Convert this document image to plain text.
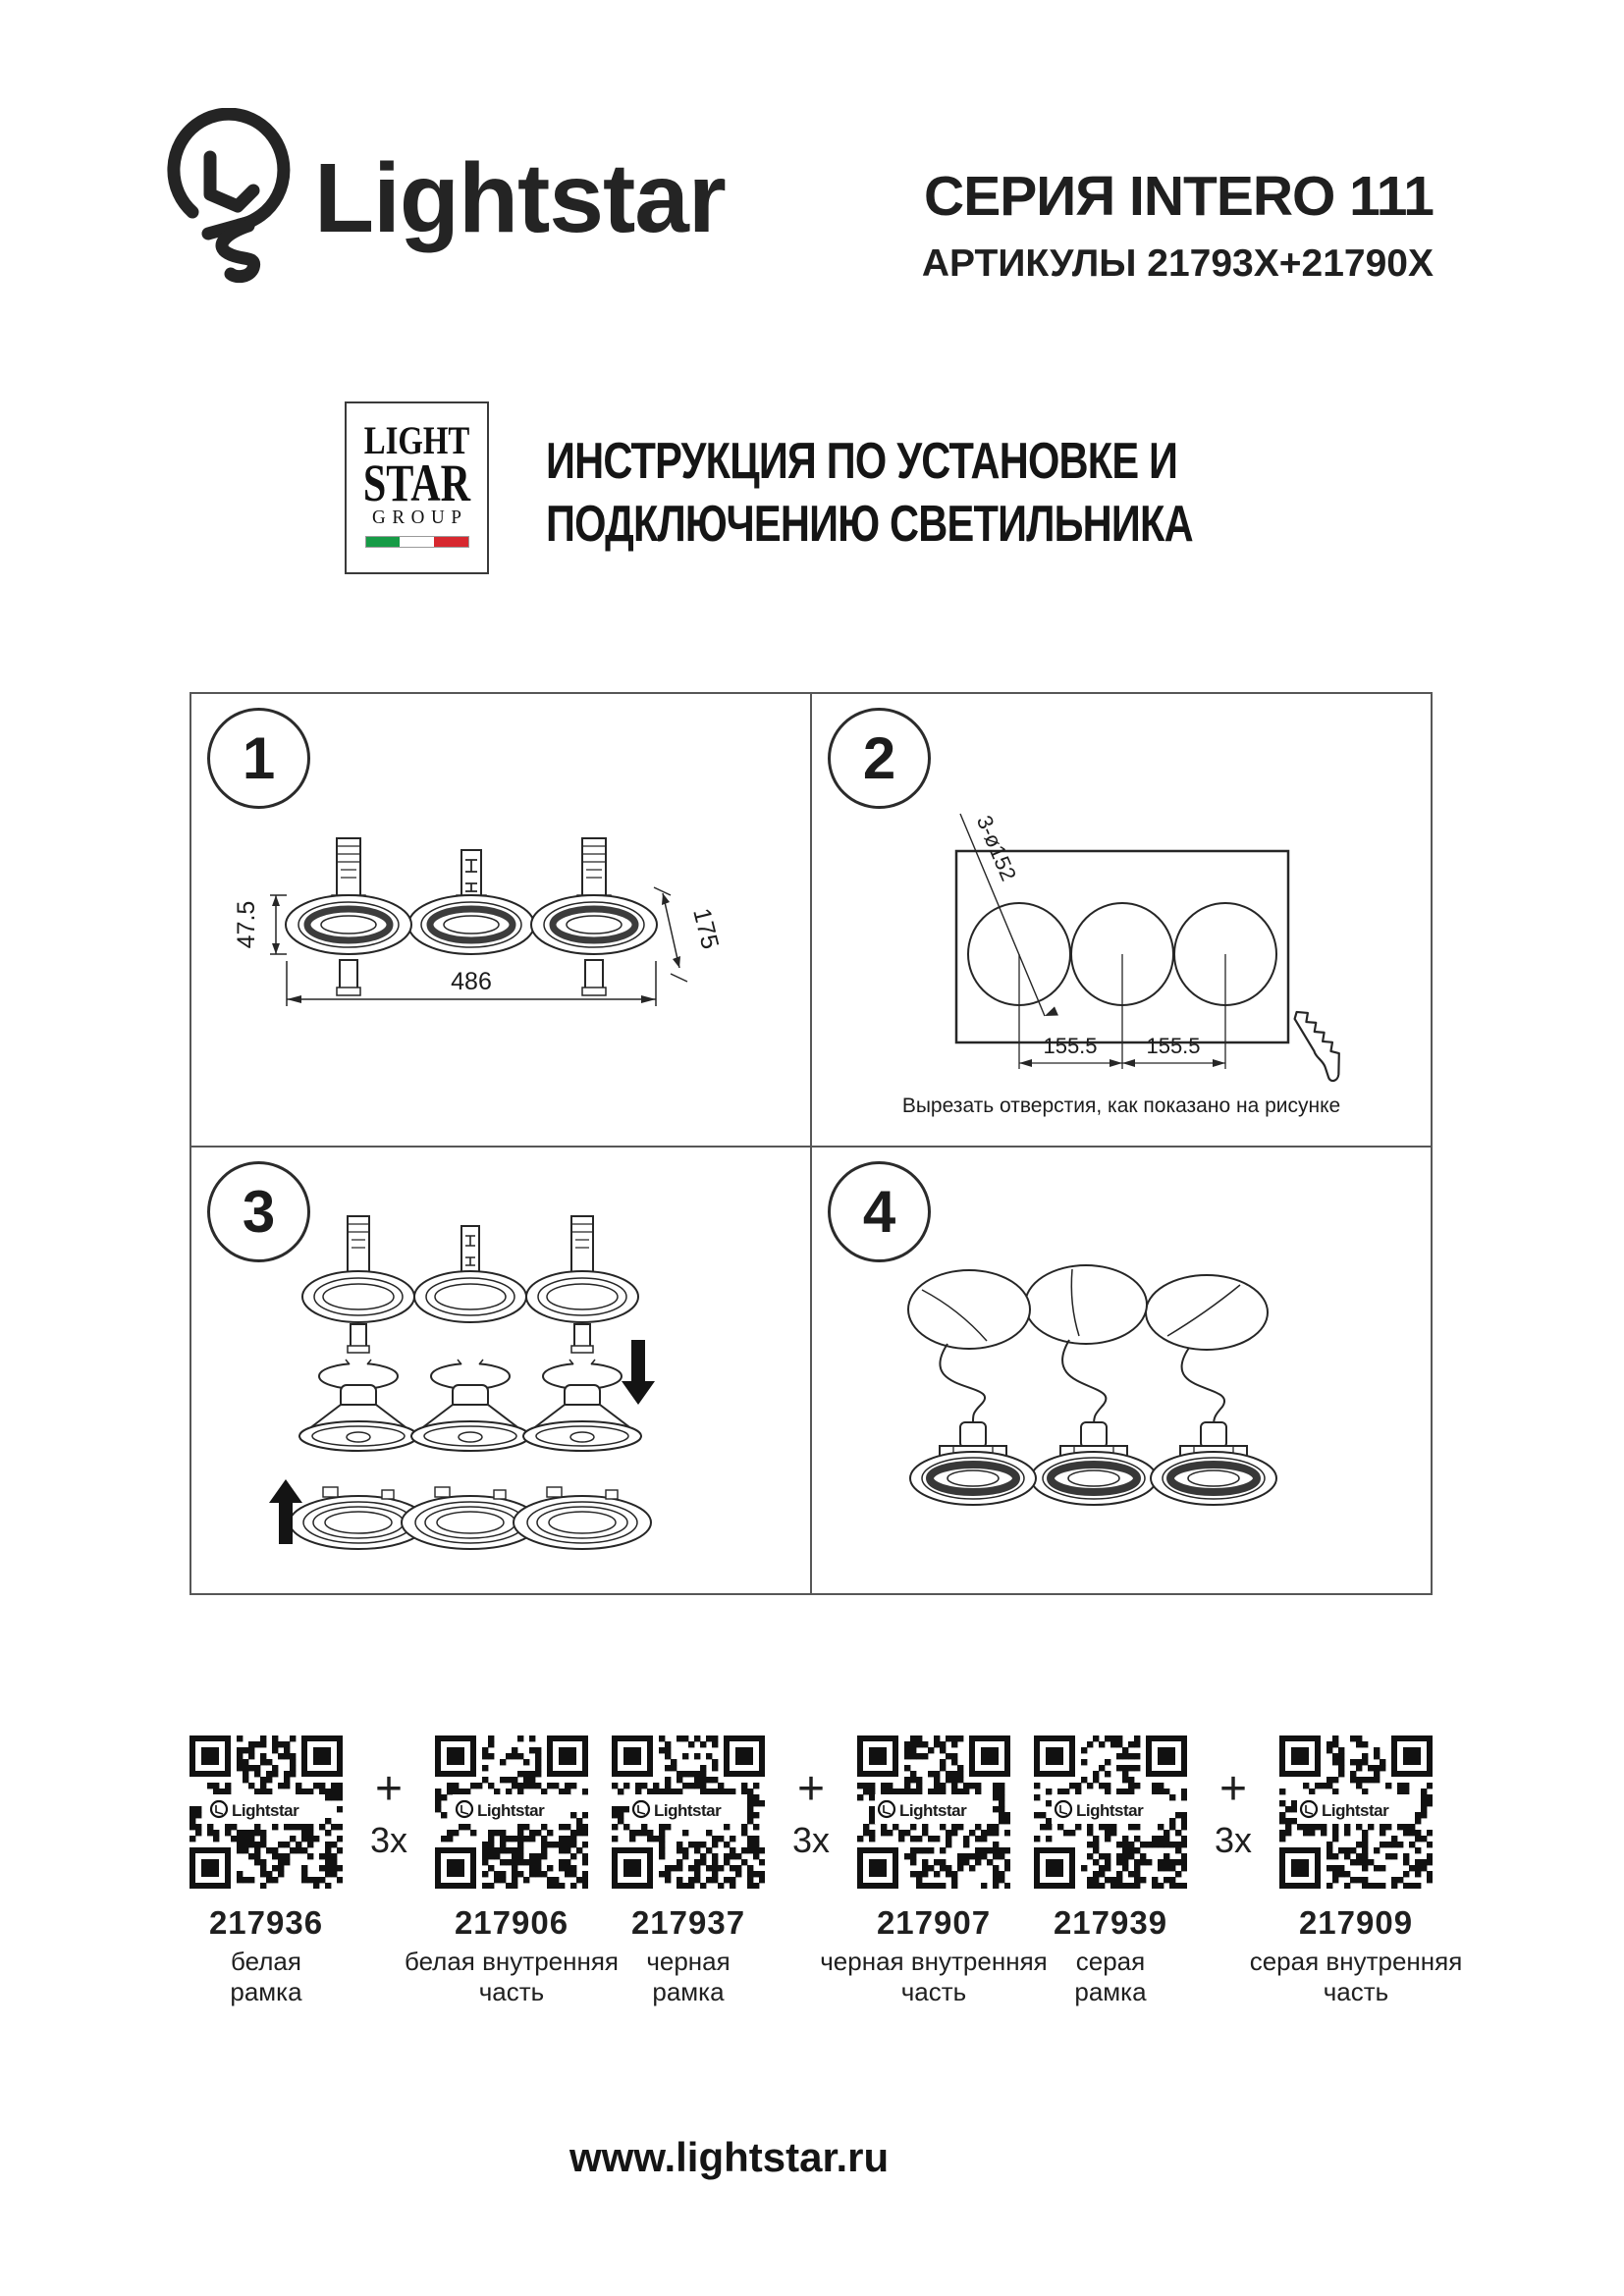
Lightstar	СЕРИЯ INTERO 111
АРТИКУЛЫ 21793X+21790X
LIGHT
STAR
GROUP
ИНСТРУКЦИЯ ПО УСТАНОВКЕ И
ПОДКЛЮЧЕНИЮ СВЕТИЛЬНИКА
1
47.5
486
175
2
155.5 155.5
3-ø152
Вырезать отверстия, как показано на рисунке
3	4
Lightstar
217936
белая
рамка
+
3x
Lightstar
217906
белая внутренняя
часть
Lightstar
217937
черная
рамка
+
3x
Lightstar
217907
черная внутренняя
часть
Lightstar
217939
серая
рамка
+
3x
Lightstar
217909
серая внутренняя
часть
www.lightstar.ru
